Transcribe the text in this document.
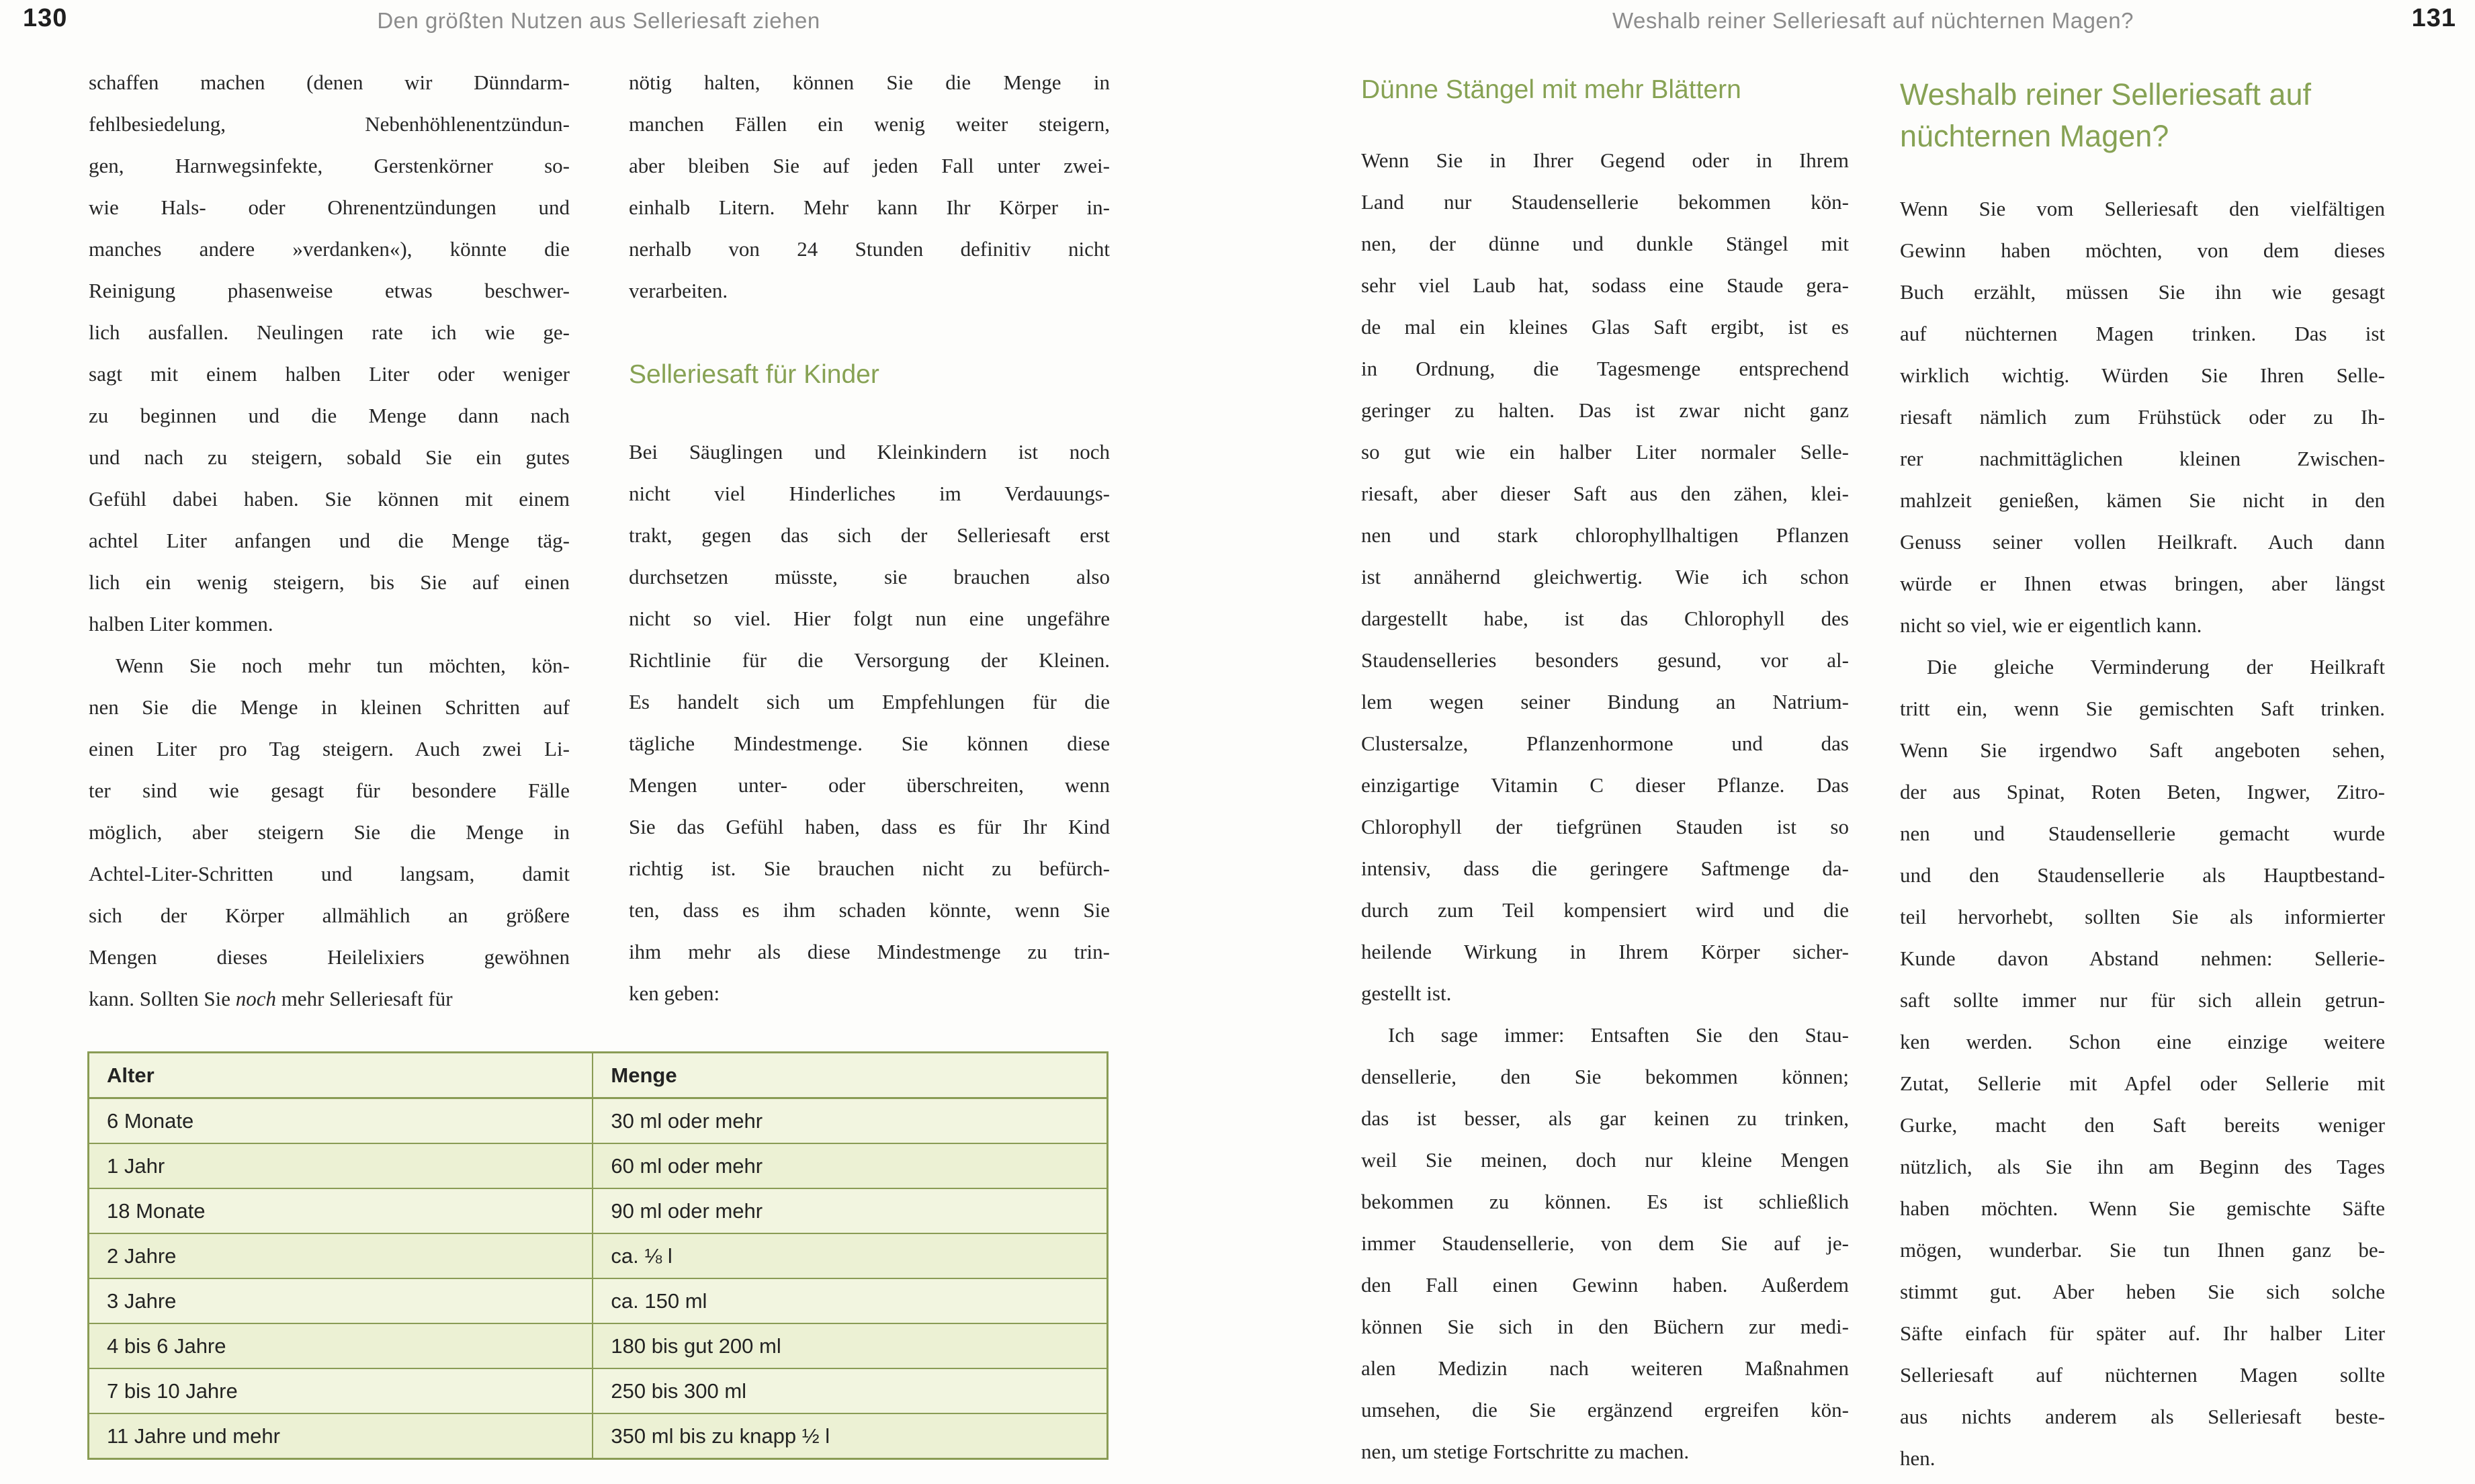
130	Den größten Nutzen aus Selleriesaft ziehen	Weshalb reiner Selleriesaft auf nüchternen Magen?	131
schaffen machen (denen wir Dünndarm-
fehlbesiedelung, Nebenhöhlenentzündun-
gen, Harnwegsinfekte, Gerstenkörner so-
wie Hals- oder Ohrenentzündungen und
manches andere »verdanken«), könnte die
Reinigung phasenweise etwas beschwer-
lich ausfallen. Neulingen rate ich wie ge-
sagt mit einem halben Liter oder weniger
zu beginnen und die Menge dann nach
und nach zu steigern, sobald Sie ein gutes
Gefühl dabei haben. Sie können mit einem
achtel Liter anfangen und die Menge täg-
lich ein wenig steigern, bis Sie auf einen
halben Liter kommen.
Wenn Sie noch mehr tun möchten, kön-
nen Sie die Menge in kleinen Schritten auf
einen Liter pro Tag steigern. Auch zwei Li-
ter sind wie gesagt für besondere Fälle
möglich, aber steigern Sie die Menge in
Achtel-Liter-Schritten und langsam, damit
sich der Körper allmählich an größere
Mengen dieses Heilelixiers gewöhnen
kann. Sollten Sie noch mehr Selleriesaft für
nötig halten, können Sie die Menge in
manchen Fällen ein wenig weiter steigern,
aber bleiben Sie auf jeden Fall unter zwei-
einhalb Litern. Mehr kann Ihr Körper in-
nerhalb von 24 Stunden definitiv nicht
verarbeiten.
Selleriesaft für Kinder
Bei Säuglingen und Kleinkindern ist noch
nicht viel Hinderliches im Verdauungs-
trakt, gegen das sich der Selleriesaft erst
durchsetzen müsste, sie brauchen also
nicht so viel. Hier folgt nun eine ungefähre
Richtlinie für die Versorgung der Kleinen.
Es handelt sich um Empfehlungen für die
tägliche Mindestmenge. Sie können diese
Mengen unter- oder überschreiten, wenn
Sie das Gefühl haben, dass es für Ihr Kind
richtig ist. Sie brauchen nicht zu befürch-
ten, dass es ihm schaden könnte, wenn Sie
ihm mehr als diese Mindestmenge zu trin-
ken geben:
Dünne Stängel mit mehr Blättern
Wenn Sie in Ihrer Gegend oder in Ihrem
Land nur Staudensellerie bekommen kön-
nen, der dünne und dunkle Stängel mit
sehr viel Laub hat, sodass eine Staude gera-
de mal ein kleines Glas Saft ergibt, ist es
in Ordnung, die Tagesmenge entsprechend
geringer zu halten. Das ist zwar nicht ganz
so gut wie ein halber Liter normaler Selle-
riesaft, aber dieser Saft aus den zähen, klei-
nen und stark chlorophyllhaltigen Pflanzen
ist annähernd gleichwertig. Wie ich schon
dargestellt habe, ist das Chlorophyll des
Staudenselleries besonders gesund, vor al-
lem wegen seiner Bindung an Natrium-
Clustersalze, Pflanzenhormone und das
einzigartige Vitamin C dieser Pflanze. Das
Chlorophyll der tiefgrünen Stauden ist so
intensiv, dass die geringere Saftmenge da-
durch zum Teil kompensiert wird und die
heilende Wirkung in Ihrem Körper sicher-
gestellt ist.
Ich sage immer: Entsaften Sie den Stau-
densellerie, den Sie bekommen können;
das ist besser, als gar keinen zu trinken,
weil Sie meinen, doch nur kleine Mengen
bekommen zu können. Es ist schließlich
immer Staudensellerie, von dem Sie auf je-
den Fall einen Gewinn haben. Außerdem
können Sie sich in den Büchern zur medi-
alen Medizin nach weiteren Maßnahmen
umsehen, die Sie ergänzend ergreifen kön-
nen, um stetige Fortschritte zu machen.
Weshalb reiner Selleriesaft auf
nüchternen Magen?
Wenn Sie vom Selleriesaft den vielfältigen
Gewinn haben möchten, von dem dieses
Buch erzählt, müssen Sie ihn wie gesagt
auf nüchternen Magen trinken. Das ist
wirklich wichtig. Würden Sie Ihren Selle-
riesaft nämlich zum Frühstück oder zu Ih-
rer nachmittäglichen kleinen Zwischen-
mahlzeit genießen, kämen Sie nicht in den
Genuss seiner vollen Heilkraft. Auch dann
würde er Ihnen etwas bringen, aber längst
nicht so viel, wie er eigentlich kann.
Die gleiche Verminderung der Heilkraft
tritt ein, wenn Sie gemischten Saft trinken.
Wenn Sie irgendwo Saft angeboten sehen,
der aus Spinat, Roten Beten, Ingwer, Zitro-
nen und Staudensellerie gemacht wurde
und den Staudensellerie als Hauptbestand-
teil hervorhebt, sollten Sie als informierter
Kunde davon Abstand nehmen: Sellerie-
saft sollte immer nur für sich allein getrun-
ken werden. Schon eine einzige weitere
Zutat, Sellerie mit Apfel oder Sellerie mit
Gurke, macht den Saft bereits weniger
nützlich, als Sie ihn am Beginn des Tages
haben möchten. Wenn Sie gemischte Säfte
mögen, wunderbar. Sie tun Ihnen ganz be-
stimmt gut. Aber heben Sie sich solche
Säfte einfach für später auf. Ihr halber Liter
Selleriesaft auf nüchternen Magen sollte
aus nichts anderem als Selleriesaft beste-
hen.
Alter	Menge
6 Monate	30 ml oder mehr
1 Jahr	60 ml oder mehr
18 Monate	90 ml oder mehr
2 Jahre	ca. ⅛ l
3 Jahre	ca. 150 ml
4 bis 6 Jahre	180 bis gut 200 ml
7 bis 10 Jahre	250 bis 300 ml
11 Jahre und mehr	350 ml bis zu knapp ½ l
